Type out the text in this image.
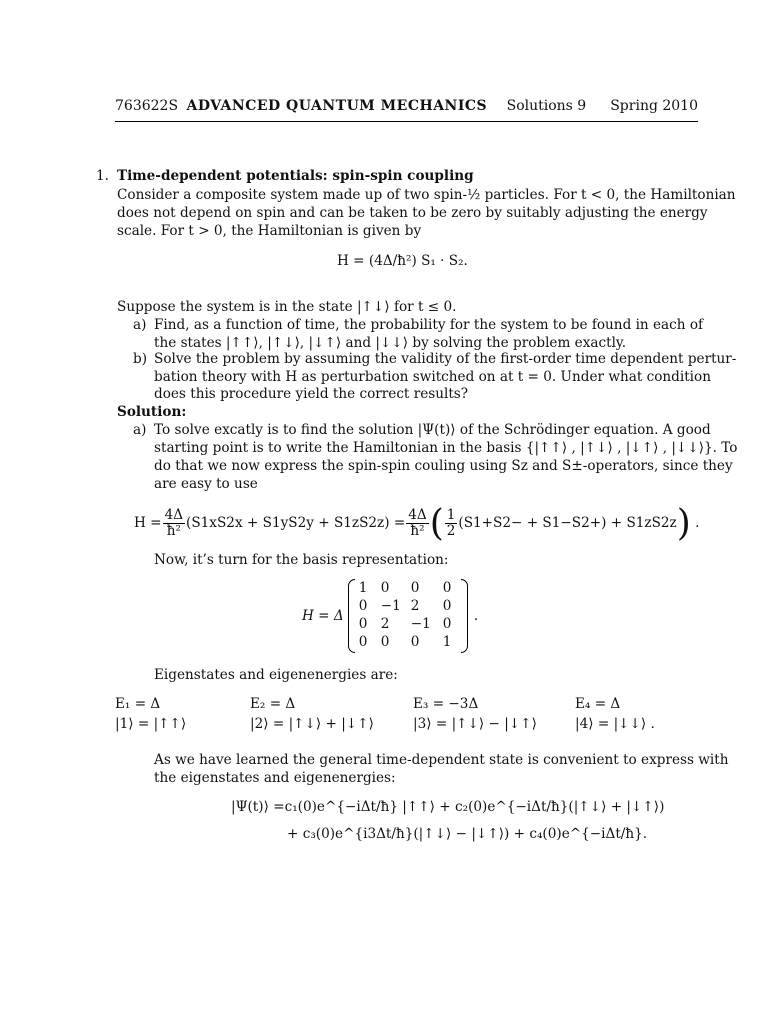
763622S ADVANCED QUANTUM MECHANICS	Solutions 9 Spring 2010
1. Time-dependent potentials: spin-spin coupling
Consider a composite system made up of two spin-½ particles. For t < 0, the Hamiltonian
does not depend on spin and can be taken to be zero by suitably adjusting the energy
scale. For t > 0, the Hamiltonian is given by
H = (4Δ/ħ²) S₁ · S₂.
Suppose the system is in the state |↑↓⟩ for t ≤ 0.
a) Find, as a function of time, the probability for the system to be found in each of
the states |↑↑⟩, |↑↓⟩, |↓↑⟩ and |↓↓⟩ by solving the problem exactly.
b) Solve the problem by assuming the validity of the first-order time dependent pertur-
bation theory with H as perturbation switched on at t = 0. Under what condition
does this procedure yield the correct results?
Solution:
a) To solve excatly is to find the solution |Ψ(t)⟩ of the Schrödinger equation. A good
starting point is to write the Hamiltonian in the basis {|↑↑⟩ , |↑↓⟩ , |↓↑⟩ , |↓↓⟩}. To
do that we now express the spin-spin couling using Sz and S±-operators, since they
are easy to use
$H = \frac{4\Delta}{\text{ħ²}} (S1xS2x + S1yS2y + S1zS2z) = \frac{4\Delta}{\text{ħ²}}$ ( $\frac{1}{2} (S1+S2- + S1-S2+) + S1zS2z$ ) .
Now, it’s turn for the basis representation:
H = Δ
1 0	0	0
0 −1 2	0
0 2	−1 0
0 0	0	1
.
Eigenstates and eigenenergies are:
E₁ = Δ	E₂ = Δ	E₃ = −3Δ	E₄ = Δ
|1⟩ = |↑↑⟩	|2⟩ = |↑↓⟩ + |↓↑⟩	|3⟩ = |↑↓⟩ − |↓↑⟩	|4⟩ = |↓↓⟩ .
As we have learned the general time-dependent state is convenient to express with
the eigenstates and eigenenergies:
|Ψ(t)⟩ =c₁(0)e^{−iΔt/ħ} |↑↑⟩ + c₂(0)e^{−iΔt/ħ}(|↑↓⟩ + |↓↑⟩)
+ c₃(0)e^{i3Δt/ħ}(|↑↓⟩ − |↓↑⟩) + c₄(0)e^{−iΔt/ħ}.
